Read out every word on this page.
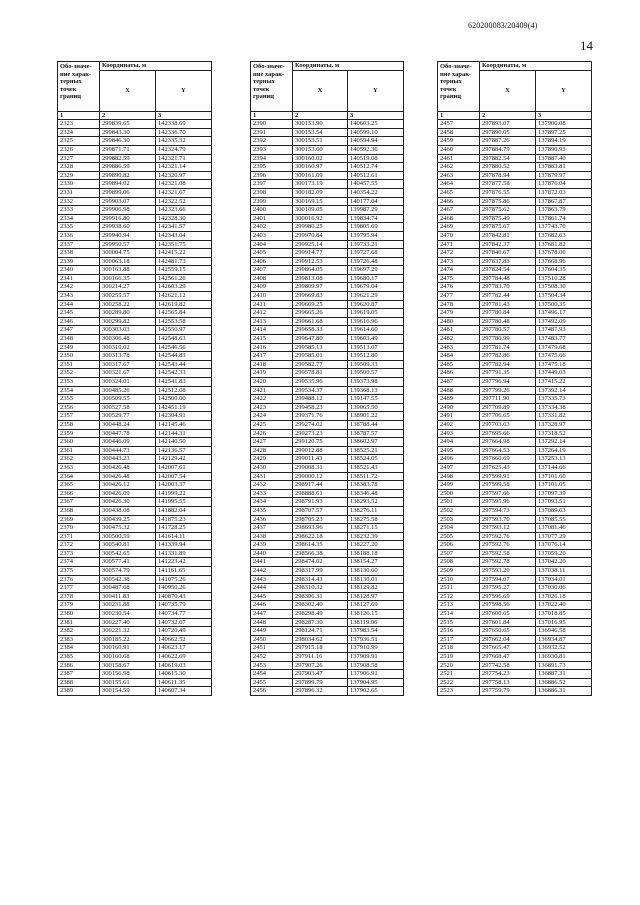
620200083/20409(4)
14
Обо-значе-ние харак-терных точек границ	Координаты, м	
	X	Y
1	2	3
2323	299839.65	142338.69
2324	299843.30	142336.70
2325	299846.30	142335.32
2326	299871.71	142324.79
2327	299882.59	142321.71
2328	299886.59	142321.14
2329	299890.82	142320.97
2330	299894.02	142321.08
2331	299899.06	142321.67
2332	299903.07	142322.52
2333	299906.98	142323.66
2334	299916.80	142328.30
2335	299938.60	142341.57
2336	299940.94	142343.04
2337	299950.57	142351.75
2338	300004.75	142415.22
2339	300063.18	142481.73
2340	300163.88	142559.15
2341	300166.35	142561.26
2342	300214.27	142603.29
2343	300255.57	142621.12
2344	300258.22	142619.82
2345	300289.80	142565.84
2346	300299.82	142553.58
2347	300303.03	142550.97
2348	300306.48	142548.63
2349	300310.02	142546.56
2350	300313.78	142544.83
2351	300317.67	142543.44
2352	300321.67	142542.33
2353	300324.01	142541.83
2354	300485.26	142512.08
2355	300509.55	142500.00
2356	300527.58	142451.19
2357	300529.77	142304.91
2358	300448.24	142145.46
2359	300447.78	142144.31
2360	300446.09	142140.50
2361	300444.73	142136.57
2362	300443.23	142129.42
2363	300426.48	142007.61
2364	300426.48	142007.54
2365	300426.12	142003.37
2366	300426.09	141999.22
2367	300426.30	141995.55
2368	300438.08	141882.04
2369	300439.25	141875.23
2370	300475.32	141728.25
2371	300500.59	141614.11
2372	300540.81	141339.94
2373	300542.65	141331.89
2374	300577.41	141223.42
2375	300574.79	141161.65
2376	300542.38	141075.26
2377	300487.68	140950.26
2378	300411.83	140870.43
2379	300231.88	140735.79
2380	300230.54	140734.77
2381	300227.40	140732.07
2382	300221.32	140720.49
2383	300185.22	140662.52
2384	300160.91	140623.17
2385	300160.68	140622.69
2386	300158.67	140619.03
2387	300156.98	140615.30
2388	300155.61	140611.35
2389	300154.59	140607.34
Обо-значе-ние харак-терных точек границ	Координаты, м	
	X	Y
1	2	3
2390	300153.90	140603.25
2391	300153.54	140599.10
2392	300153.51	140594.94
2393	300153.60	140592.36
2394	300160.02	140519.08
2395	300160.97	140512.74
2396	300161.09	140512.61
2397	300173.19	140457.55
2398	300182.09	140354.22
2399	300169.15	140177.04
2400	300109.05	139987.29
2401	300016.92	139834.74
2402	299980.25	139805.69
2403	299970.84	139795.94
2404	299925.14	139733.21
2405	299914.77	139727.68
2406	299912.53	139726.48
2407	299864.05	139697.29
2408	299813.08	139680.17
2409	299809.97	139679.04
2410	299669.83	139621.29
2411	299669.25	139620.87
2412	299665.26	139619.05
2413	299661.68	139616.96
2414	299658.33	139614.60
2415	299647.80	139603.49
2416	299585.13	139513.07
2417	299585.01	139512.80
2418	299582.77	139509.33
2419	299578.81	139500.57
2420	299535.96	139373.98
2421	299534.37	139368.13
2422	299488.12	139147.55
2423	299458.23	139065.50
2424	299371.76	138901.22
2425	299274.02	138788.44
2426	299273.23	138787.57
2427	299120.75	138602.97
2428	299012.88	138525.21
2429	299011.43	138524.05
2430	299008.31	138521.43
2431	299000.12	138511.72
2432	298917.44	138383.78
2433	298888.61	138346.48
2434	298791.93	138293.52
2435	298707.57	138276.11
2436	298705.23	138275.58
2437	298693.96	138271.15
2438	298622.18	138232.39
2439	298614.35	138227.20
2440	298566.38	138188.18
2441	298474.02	138154.27
2442	298317.99	138130.60
2443	298314.43	138130.01
2444	298310.32	138129.82
2445	298306.31	138128.97
2446	298302.40	138127.69
2447	298298.49	138126.15
2448	298287.30	138119.06
2449	298124.71	137983.54
2450	298034.62	137936.51
2451	297915.18	137910.99
2452	297911.16	137909.91
2453	297907.26	137908.58
2454	297903.47	137906.91
2455	297899.79	137904.95
2456	297896.32	137902.65
Обо-значе-ние харак-терных точек границ	Координаты, м	
	X	Y
1	2	3
2457	297893.07	137900.08
2458	297890.05	137897.25
2459	297887.26	137894.19
2460	297884.79	137890.93
2461	297882.54	137887.40
2462	297880.52	137883.81
2463	297878.94	137879.97
2464	297877.58	137876.04
2465	297876.55	137872.03
2466	297875.86	137867.87
2467	297875.62	137863.79
2468	297875.49	137861.74
2469	297875.67	137743.70
2470	297842.81	137682.63
2471	297842.37	137681.82
2472	297840.67	137678.00
2473	297837.83	137668.96
2474	297824.54	137604.35
2475	297784.48	137510.28
2476	297783.70	137508.30
2477	297782.44	137504.34
2478	297781.43	137500.35
2479	297780.84	137496.17
2480	297780.48	137492.09
2481	297780.57	137487.93
2482	297780.99	137483.77
2483	297781.74	137479.68
2484	297782.86	137475.66
2485	297782.94	137475.18
2486	297791.35	137449.03
2487	297796.94	137415.22
2488	297799.26	137392.14
2489	297711.90	137335.73
2490	297709.89	137334.38
2491	297706.65	137331.82
2492	297703.63	137328.97
2493	297695.66	137318.52
2494	297664.98	137292.14
2495	297664.53	137264.19
2496	297660.69	137253.13
2497	297625.43	137144.66
2498	297599.91	137101.60
2499	297599.58	137101.05
2500	297597.66	137097.39
2501	297595.96	137093.51
2502	297594.73	137089.63
2503	297593.70	137085.55
2504	297593.12	137081.46
2505	297592.76	137077.29
2506	297592.76	137076.14
2507	297592.58	137059.20
2508	297592.78	137042.20
2509	297593.20	137038.11
2510	297594.07	137034.01
2511	297595.27	137030.06
2512	297596.69	137026.18
2513	297598.56	137022.40
2514	297600.65	137018.85
2515	297601.84	137016.95
2516	297650.65	136946.58
2517	297662.04	136934.87
2518	297665.47	136932.52
2519	297668.47	136930.81
2520	297742.58	136891.73
2521	297754.23	136887.31
2522	297758.13	136886.52
2523	297759.79	136886.31
